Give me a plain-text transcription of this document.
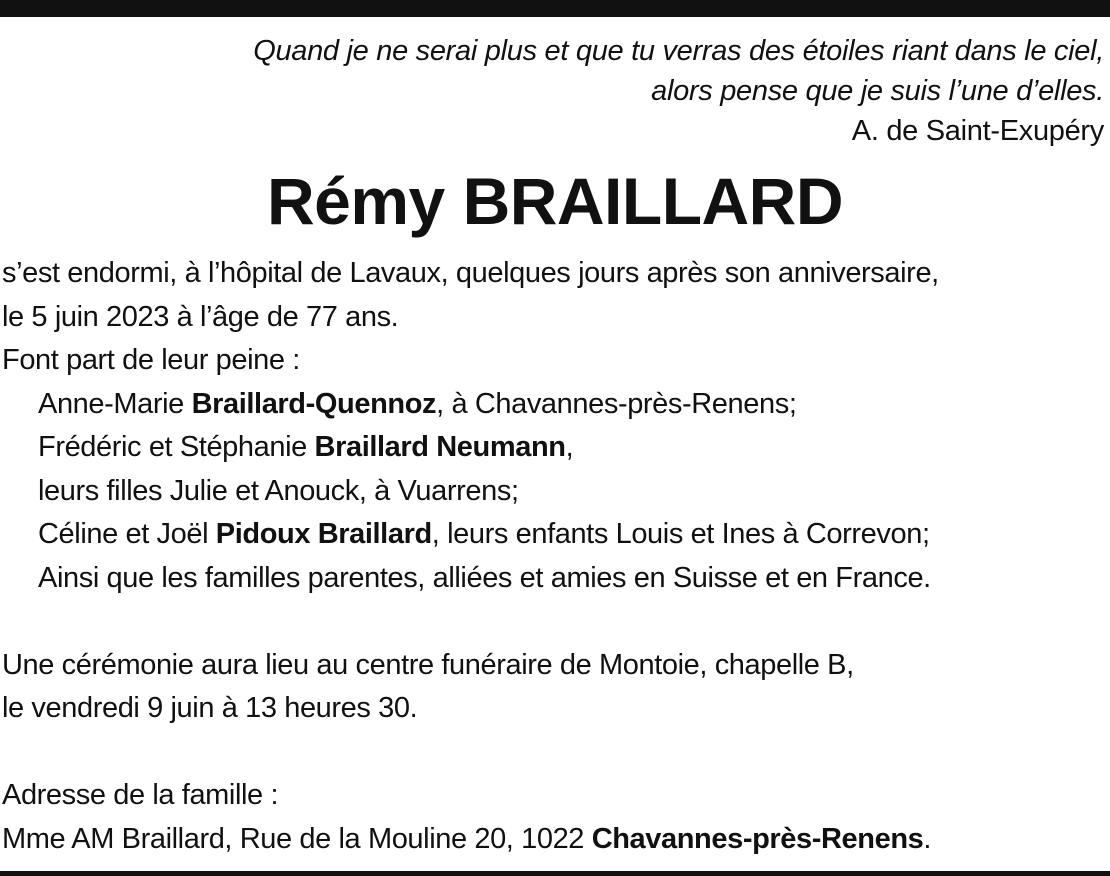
Quand je ne serai plus et que tu verras des étoiles riant dans le ciel,
alors pense que je suis l’une d’elles.
A. de Saint-Exupéry
Rémy BRAILLARD
s’est endormi, à l’hôpital de Lavaux, quelques jours après son anniversaire,
le 5 juin 2023 à l’âge de 77 ans.
Font part de leur peine :
Anne-Marie Braillard-Quennoz, à Chavannes-près-Renens;
Frédéric et Stéphanie Braillard Neumann,
leurs filles Julie et Anouck, à Vuarrens;
Céline et Joël Pidoux Braillard, leurs enfants Louis et Ines à Correvon;
Ainsi que les familles parentes, alliées et amies en Suisse et en France.
Une cérémonie aura lieu au centre funéraire de Montoie, chapelle B,
le vendredi 9 juin à 13 heures 30.
Adresse de la famille :
Mme AM Braillard, Rue de la Mouline 20, 1022 Chavannes-près-Renens.
